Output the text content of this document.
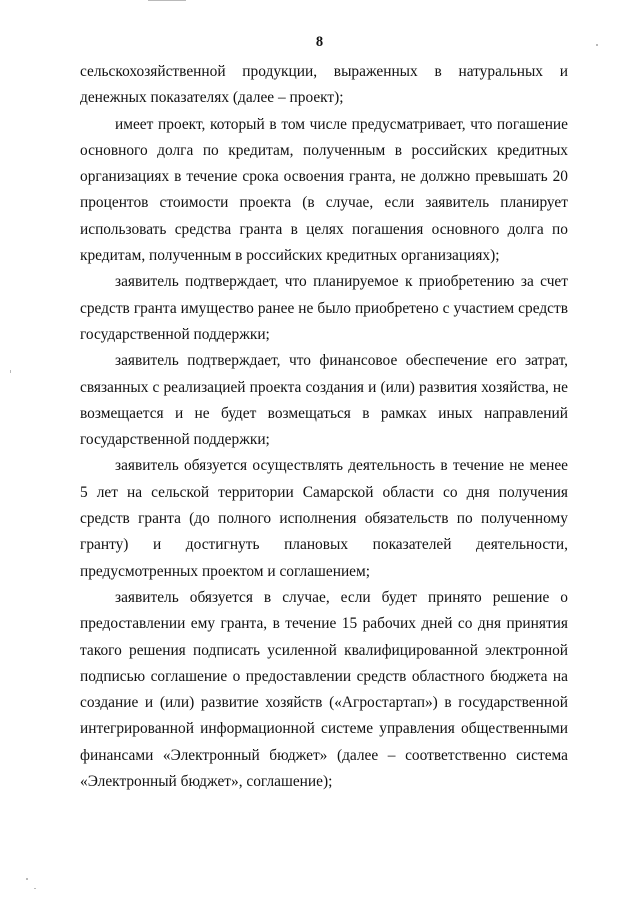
8

сельскохозяйственной продукции, выраженных в натуральных и денежных показателях (далее – проект);

имеет проект, который в том числе предусматривает, что погашение основного долга по кредитам, полученным в российских кредитных организациях в течение срока освоения гранта, не должно превышать 20 процентов стоимости проекта (в случае, если заявитель планирует использовать средства гранта в целях погашения основного долга по кредитам, полученным в российских кредитных организациях);

заявитель подтверждает, что планируемое к приобретению за счет средств гранта имущество ранее не было приобретено с участием средств государственной поддержки;

заявитель подтверждает, что финансовое обеспечение его затрат, связанных с реализацией проекта создания и (или) развития хозяйства, не возмещается и не будет возмещаться в рамках иных направлений государственной поддержки;

заявитель обязуется осуществлять деятельность в течение не менее 5 лет на сельской территории Самарской области со дня получения средств гранта (до полного исполнения обязательств по полученному гранту) и достигнуть плановых показателей деятельности, предусмотренных проектом и соглашением;

заявитель обязуется в случае, если будет принято решение о предоставлении ему гранта, в течение 15 рабочих дней со дня принятия такого решения подписать усиленной квалифицированной электронной подписью соглашение о предоставлении средств областного бюджета на создание и (или) развитие хозяйств («Агростартап») в государственной интегрированной информационной системе управления общественными финансами «Электронный бюджет» (далее – соответственно система «Электронный бюджет», соглашение);
